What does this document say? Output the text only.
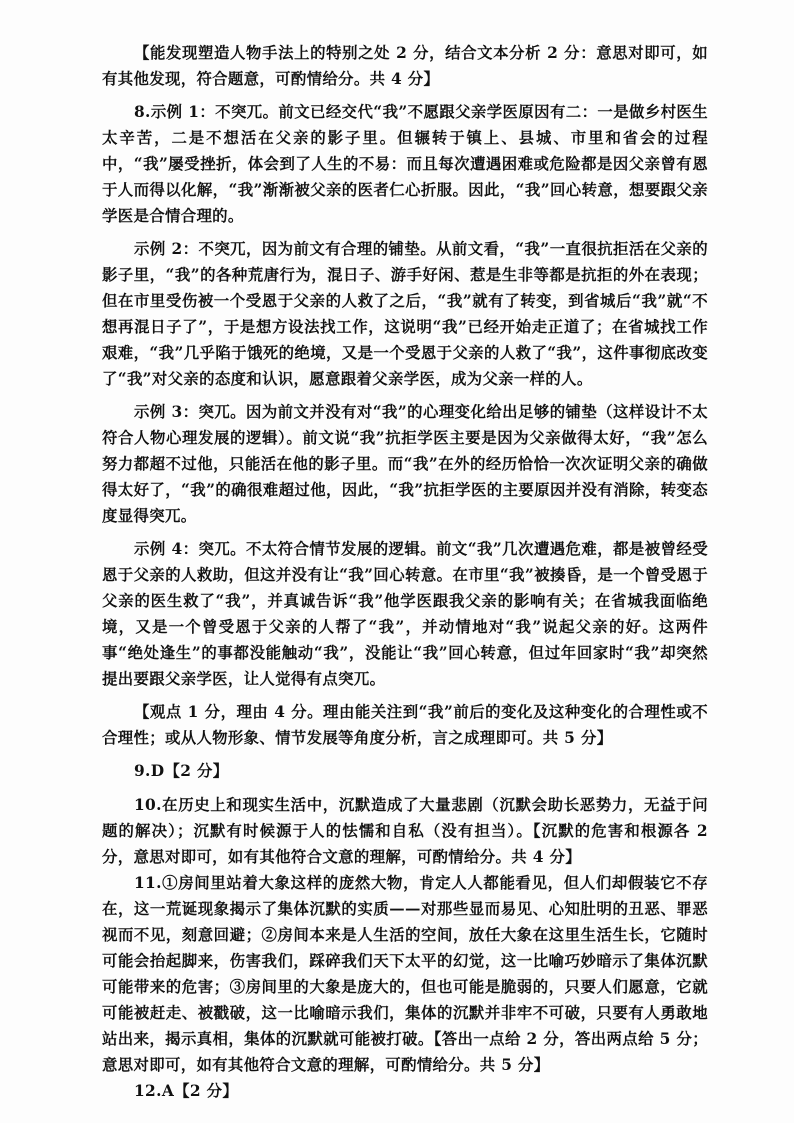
【能发现塑造人物手法上的特别之处 2 分，结合文本分析 2 分：意思对即可，如有其他发现，符合题意，可酌情给分。共 4 分】

8.示例 1：不突兀。前文已经交代“我”不愿跟父亲学医原因有二：一是做乡村医生太辛苦，二是不想活在父亲的影子里。但辗转于镇上、县城、市里和省会的过程中，“我”屡受挫折，体会到了人生的不易：而且每次遭遇困难或危险都是因父亲曾有恩于人而得以化解，“我”渐渐被父亲的医者仁心折服。因此，“我”回心转意，想要跟父亲学医是合情合理的。

示例 2：不突兀，因为前文有合理的铺垫。从前文看，“我”一直很抗拒活在父亲的影子里，“我”的各种荒唐行为，混日子、游手好闲、惹是生非等都是抗拒的外在表现；但在市里受伤被一个受恩于父亲的人救了之后，“我”就有了转变，到省城后“我”就“不想再混日子了”，于是想方设法找工作，这说明“我”已经开始走正道了；在省城找工作艰难，“我”几乎陷于饿死的绝境，又是一个受恩于父亲的人救了“我”，这件事彻底改变了“我”对父亲的态度和认识，愿意跟着父亲学医，成为父亲一样的人。

示例 3：突兀。因为前文并没有对“我”的心理变化给出足够的铺垫（这样设计不太符合人物心理发展的逻辑）。前文说“我”抗拒学医主要是因为父亲做得太好，“我”怎么努力都超不过他，只能活在他的影子里。而“我”在外的经历恰恰一次次证明父亲的确做得太好了，“我”的确很难超过他，因此，“我”抗拒学医的主要原因并没有消除，转变态度显得突兀。

示例 4：突兀。不太符合情节发展的逻辑。前文“我”几次遭遇危难，都是被曾经受恩于父亲的人救助，但这并没有让“我”回心转意。在市里“我”被揍昏，是一个曾受恩于父亲的医生救了“我”，并真诚告诉“我”他学医跟我父亲的影响有关；在省城我面临绝境，又是一个曾受恩于父亲的人帮了“我”，并动情地对“我”说起父亲的好。这两件事“绝处逢生”的事都没能触动“我”，没能让“我”回心转意，但过年回家时“我”却突然提出要跟父亲学医，让人觉得有点突兀。

【观点 1 分，理由 4 分。理由能关注到“我”前后的变化及这种变化的合理性或不合理性；或从人物形象、情节发展等角度分析，言之成理即可。共 5 分】

9.D【2 分】

10.在历史上和现实生活中，沉默造成了大量悲剧（沉默会助长恶势力，无益于问题的解决）；沉默有时候源于人的怯懦和自私（没有担当）。【沉默的危害和根源各 2 分，意思对即可，如有其他符合文意的理解，可酌情给分。共 4 分】

11.①房间里站着大象这样的庞然大物，肯定人人都能看见，但人们却假装它不存在，这一荒诞现象揭示了集体沉默的实质——对那些显而易见、心知肚明的丑恶、罪恶视而不见，刻意回避；②房间本来是人生活的空间，放任大象在这里生活生长，它随时可能会抬起脚来，伤害我们，踩碎我们天下太平的幻觉，这一比喻巧妙暗示了集体沉默可能带来的危害；③房间里的大象是庞大的，但也可能是脆弱的，只要人们愿意，它就可能被赶走、被戳破，这一比喻暗示我们，集体的沉默并非牢不可破，只要有人勇敢地站出来，揭示真相，集体的沉默就可能被打破。【答出一点给 2 分，答出两点给 5 分；意思对即可，如有其他符合文意的理解，可酌情给分。共 5 分】

12.A【2 分】
